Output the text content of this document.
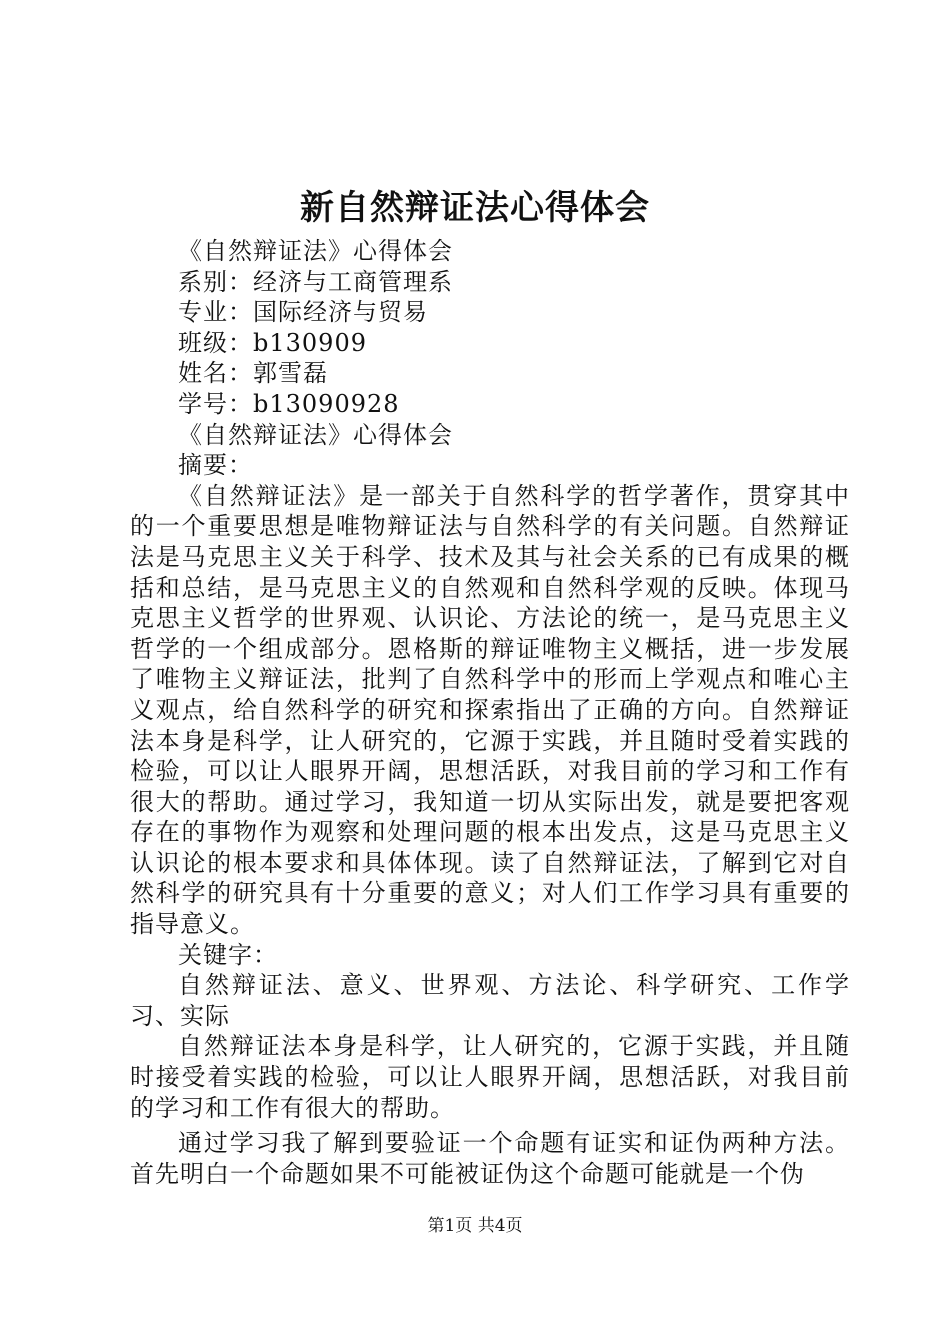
新自然辩证法心得体会
《自然辩证法》心得体会
系别：经济与工商管理系
专业：国际经济与贸易
班级：b130909
姓名：郭雪磊
学号：b13090928
《自然辩证法》心得体会
摘要：

《自然辩证法》是一部关于自然科学的哲学著作，贯穿其中的一个重要思想是唯物辩证法与自然科学的有关问题。自然辩证法是马克思主义关于科学、技术及其与社会关系的已有成果的概括和总结，是马克思主义的自然观和自然科学观的反映。体现马克思主义哲学的世界观、认识论、方法论的统一，是马克思主义哲学的一个组成部分。恩格斯的辩证唯物主义概括，进一步发展了唯物主义辩证法，批判了自然科学中的形而上学观点和唯心主义观点，给自然科学的研究和探索指出了正确的方向。自然辩证法本身是科学，让人研究的，它源于实践，并且随时受着实践的检验，可以让人眼界开阔，思想活跃，对我目前的学习和工作有很大的帮助。通过学习，我知道一切从实际出发，就是要把客观存在的事物作为观察和处理问题的根本出发点，这是马克思主义认识论的根本要求和具体体现。读了自然辩证法，了解到它对自然科学的研究具有十分重要的意义；对人们工作学习具有重要的指导意义。

关键字：

自然辩证法、意义、世界观、方法论、科学研究、工作学习、实际

自然辩证法本身是科学，让人研究的，它源于实践，并且随时接受着实践的检验，可以让人眼界开阔，思想活跃，对我目前的学习和工作有很大的帮助。

通过学习我了解到要验证一个命题有证实和证伪两种方法。首先明白一个命题如果不可能被证伪这个命题可能就是一个伪

第1页 共4页
